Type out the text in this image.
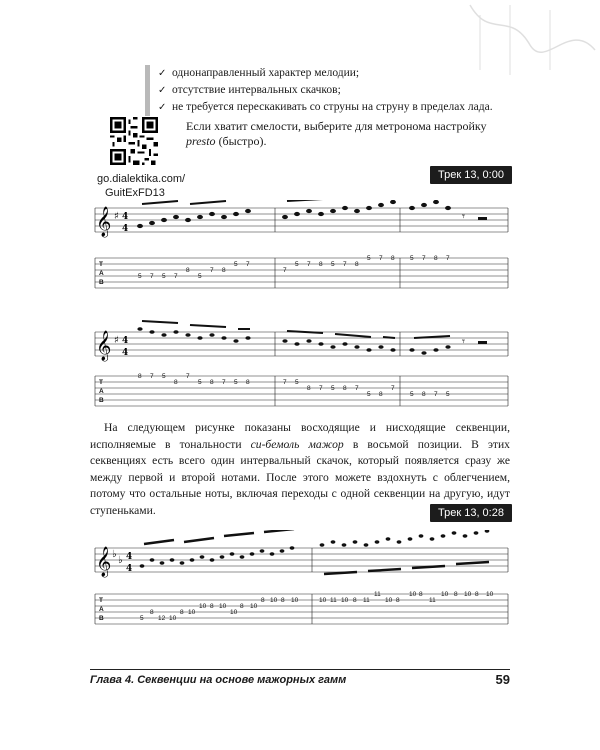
✓ однонаправленный характер мелодии;
✓ отсутствие интервальных скачков;
✓ не требуется перескакивать со струны на струну в пределах лада.
go.dialektika.com/
GuitExFD13
Если хватит смелости, выберите для метронома настройку presto (быстро).
Трек 13, 0:00
𝄞 ♯ 4
4
𝄾
T
A
B
5 7 5 7
8
5
7 8
5 7
7
5 7 8 5 7 8
5 7 8 5 7 8 7
𝄞 ♯ 4
4
𝄾
T
A
B
8 7 5
8
7
5 8 7 5 8	7 5
8 7 5 8 7
5 8
7
5 8 7 5
На следующем рисунке показаны восходящие и нисходящие секвенции, исполняемые в тональности си-бемоль мажор в восьмой позиции. В этих секвенциях есть всего один интервальный скачок, который появляется сразу же между первой и второй нотами. После этого можете вздохнуть с облегчением, потому что остальные ноты, включая переходы с одной секвенции на другую, идут ступеньками.	Трек 13, 0:28
𝄞 ♭
♭ 4
4
T
A
B	5
8
12 10
8 10
10 8 10
10
8 10
8 10 8 10	10 11 10 8 11
11
10 8
10 8
11
10 8 10 8 10
Глава 4. Секвенции на основе мажорных гамм	59
